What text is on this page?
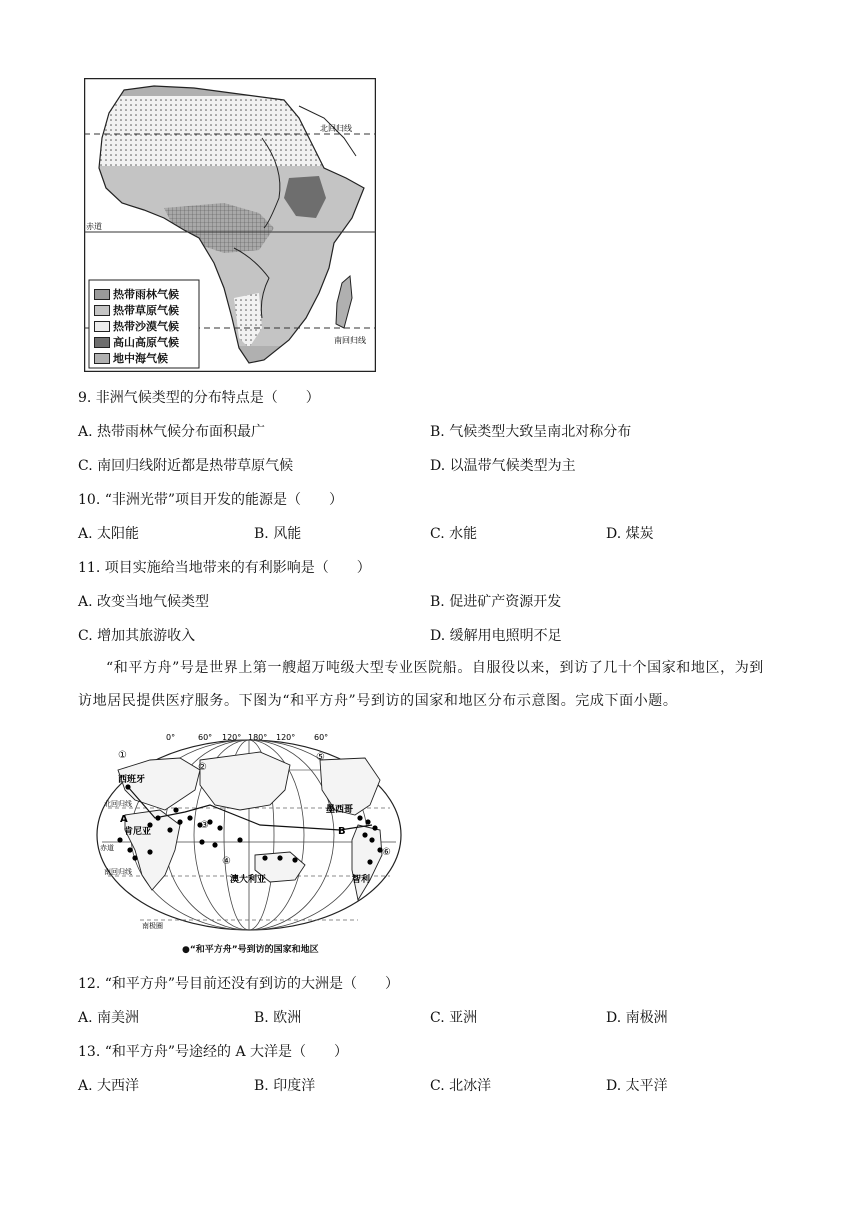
北回归线
赤道
南回归线
热带雨林气候
热带草原气候
热带沙漠气候
高山高原气候
地中海气候
9. 非洲气候类型的分布特点是（　　）
A. 热带雨林气候分布面积最广	B. 气候类型大致呈南北对称分布
C. 南回归线附近都是热带草原气候	D. 以温带气候类型为主
10. “非洲光带”项目开发的能源是（　　）
A. 太阳能	B. 风能	C. 水能	D. 煤炭
11. 项目实施给当地带来的有利影响是（　　）
A. 改变当地气候类型	B. 促进矿产资源开发
C. 增加其旅游收入	D. 缓解用电照明不足
“和平方舟”号是世界上第一艘超万吨级大型专业医院船。自服役以来，到访了几十个国家和地区，为到访地居民提供医疗服务。下图为“和平方舟”号到访的国家和地区分布示意图。完成下面小题。
0°	60° 120° 180° 120° 60°
西班牙
墨西哥
肯尼亚
澳大利亚	智利
赤道
北回归线
南回归线
南极圈
A
B
①
②
③
④
⑤
⑥
●“和平方舟”号到访的国家和地区
12. “和平方舟”号目前还没有到访的大洲是（　　）
A. 南美洲	B. 欧洲	C. 亚洲	D. 南极洲
13. “和平方舟”号途经的 A 大洋是（　　）
A. 大西洋	B. 印度洋	C. 北冰洋	D. 太平洋
